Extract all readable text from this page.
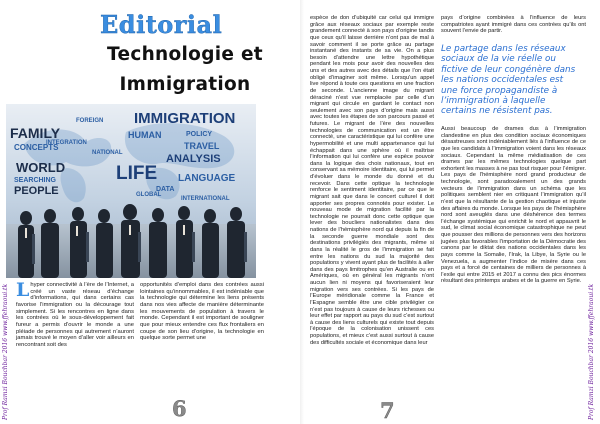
Editorial
Technologie et
Immigration
IMMIGRATION
FAMILY	HUMAN	POLICY
CONCEPTS	TRAVEL
ANALYSIS
WORLD	LIFE
SEARCHING
PEOPLE
LANGUAGE
DATA
INTEGRATION
NATIONAL
FOREIGN
GLOBAL
INTERNATIONAL

Lhyper connectivité à l’ère de l’Internet, a créé un vaste réseau d’échange d’informations, qui dans certains cas favorise l’immigration ou la décourage tout simplement. Si les rencontres en ligne dans les contrées où le sous-développement fait fureur a permis d’ouvrir le monde a une pléiade de personnes qui autrement n’auront jamais trouvé le moyen d’aller voir ailleurs en rencontrant soit des

opportunités d’emploi dans des contrées aussi lointaines qu’innommables, il est indéniable que la technologie qui détermine les liens présents dans nos vies affecte de manière déterminante les mouvements de population à travers le monde. Cependant il est important de souligner que pour mieux entendre ces flux frontaliers en coupe de son lieu d’origine, la technologie en quelque sorte permet une

6	7

espèce de don d’ubiquité car celui qui immigre grâce aux réseaux sociaux par exemple reste grandement connecté à son pays d’origine tandis que ceux qu’il laisse derrière n’ont pas de mal à savoir comment il se porte grâce au partage instantané des instants de sa vie. On a plus besoin d’attendre une lettre hypothétique pendant les mois pour avoir des nouvelles des uns et des autres avec des détails que l’on était obligé d’imaginer soit même. Lorsqu’un appel live répond à toute ces questions en une fraction de seconde. L’ancienne image du migrant déraciné n’est vue remplacée par celle d’un migrant qui circule en gardant le contact non seulement avec son pays d’origine mais aussi avec toutes les étapes de son parcours passé et futures. Le migrant de l’ère des nouvelles technologies de communication est un être connecté, une caractéristique qui lui confère une hypermobilité et une multi appartenance qui lui échappait dans une sphère où il maîtrise l’information qui lui confère une espèce pouvoir dans la logique des choix nationaux, tout en conservant sa mémoire identitaire, qui lui permet d’évoluer dans le monde du donné et du recevoir. Dans cette optique la technologie renforce le sentiment identitaire, par ce que le migrant sait que dans le concert culturel il doit apporter ses propres connotés pour exister. Le nouveau mode de migration facilité par la technologie ne pourrait donc cette optique que lever des boucliers nationalistes dans des nations de l’hémisphère nord qui depuis la fin de la seconde guerre mondiale sont des destinations privilégiés des migrants, même si dans la réalité le gros de l’immigration se fait entre les nations du sud la majorité des populations y vivent ayant plus de facilités à aller dans des pays limitrophes qu’en Australie ou en Amériques, où en général les migrants n’ont aucun lien ni moyens qui favoriseraient leur migration vers ses contrées. Si les pays de l’Europe méridionale comme la France et l’Espagne semble être une cible privilégier ce n’est pas toujours à cause de leurs richesses ou leur effet par rapport au pays du sud c’est surtout à cause des liens culturels qui existe tout depuis l’époque de la colonisation unissent ces populations, et mieux c’est aussi surtout à cause des difficultés sociale et économique dans leur

pays d’origine combinées à l’influence de leurs compatriotes ayant immigré dans ces contrées qu’ils ont souvent l’envie de partir.

Le partage dans les réseaux sociaux de la vie réelle ou fictive de leur congénère dans les nations occidentales est une force propagandiste à l’immigration à laquelle certains ne résistent pas.

Aussi beaucoup de drames dus à l’immigration clandestine en plus des condition sociaux économiques désastreuses sont indéniablement liés à l’influence de ce que les candidats à l’immigration voient dans les réseaux sociaux. Cependant la même médiatisation de ces drames par les mêmes technologies quelque part exhortent les masses à ne pas tout risquer pour l’émigrer. Les pays de l’hémisphère nord grand producteur de technologie, sont paradoxalement un des grands vecteurs de l’immigration dans un schéma que les politiques semblent nier en critiquant l’immigration qu’il n’est que la résultante de la gestion chaotique et injuste des affaires du monde. Lorsque les pays de l’hémisphère nord sont aveuglés dans une déshérence des termes l’échange systémique qui enrichit le nord et appauvrit le sud, le climat social économique catastrophique ne peut que pousser des millions de personnes vers des horizons jugées plus favorables l’importation de la Démocratie des canons par le diktat des nations occidentales dans les pays comme la Somalie, l’Irak, la Libye, la Syrie ou le Venezuela, a augmenter l’indice de misère dans ces pays et a forcé de centaines de milliers de personnes à l’exile qui entre 2015 et 2017 a connu des pics énormes résultant des printemps arabes et de la guerre en Syrie.

Prof Ramzi Bouchbar 2016 www.ffehraoui.tk	Prof Ramzi Bouchbar 2016 www.ffehraoui.tk
